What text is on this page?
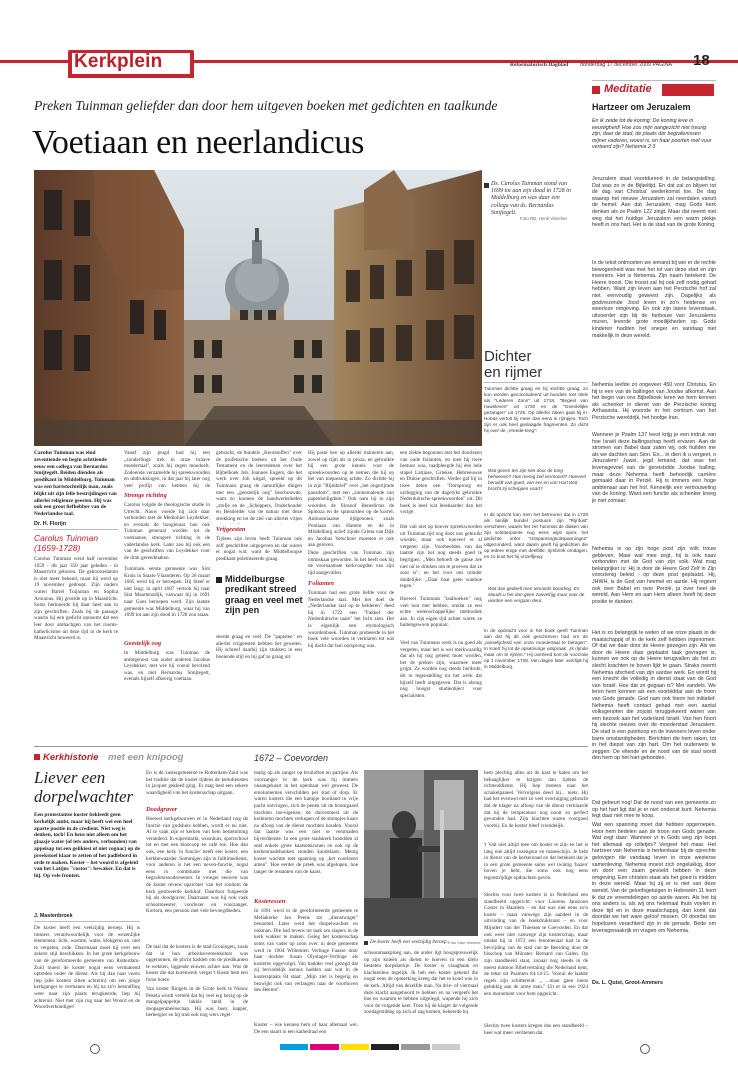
Kerkplein	Reformatorisch Dagblad donderdag 17 december 2009 PAGINA 18
Preken Tuinman geliefder dan door hem uitgeven boeken met gedichten en taalkunde
Voetiaan en neerlandicus
Ds. Carolus Tuinman stond van 1699 tot aan zijn dood in 1728 in Middelburg en was daar een collega van ds. Bernardus Smijtegelt.
Foto RD, Henk Visscher
Dichter
en rijmer
Tuinman dichtte graag en hij stichtte graag, zo kon worden geconcludeerd uit bundels met titels als "Lederen Zons" uit 1718, "Begeel van huweleven" uit 1720 en de "Geestelijke gezangen" uit 1725. Op allerlei zaken gaat hij in. Hobas vertolt hij meer dan eens in rijmpjes. Toch zijn er ook heel geslaagde fragmenten. Zo dicht hij over de „Vreede-teng":
Wat geven ten zijn niet door de tong behoeven? Hoe menig zeil vermoord? Hoeveel benoldt van goed, van eer en van Hart Wat bracht zij scheppen vaart?
In dit opzicht kan men het betreuren dat in 1729 als tuinlijk bundel postuum zijn "Rijnfust" verscheen, waarin het zet Tuinman de diaken van zijn schitterpointe nog eens wijst open; het gedichte order "Uitspanningsuitspanningen" uitgezonderd, want daarin geeft hij gedichten die op iedere enige met deeltitle: rijmbrink omdagen, en zo kust het hij onzelfjeug:
Wat dan gedeelt men iemands boording. En stouds u het dan geen zauvelrijg maar voor de vierden een vergaan deur.
In de opdracht voor in het boek geeft Tuinman aan dat hij dit ook geschreven had om de „ranselijcheid van onze moedertaal te betogen". In Koert hij tot de opsetvurige uitspraak: „Ik rijmde maar om te rijmen." Hij overleed kort de voorzote op 1 november 1728. Van dagen later overlijdt hij in Middelburg.
Carolus Tuinman was eind zeventiende en begin achttiende eeuw een collega van Bernardus Smijtegelt. Beiden dienden als predikant in Middelburg. Tuinman was een bartstochtelijk man, zoals blijkt uit zijn felle bestrijdingen van allerlei religieuze geesten. Hij was ook een groot liefhebber van de Nederlandse taal.
Dr. H. Florijn
Carolus Tuinman
(1659-1728)
Carolus Tuinman werd half november 1659 - dit jaar 350 jaar geleden - in Maastricht geboren. De geboortedatum is niet meer bekend, maar hij werd op 19 november gedoopt. Zijn ouders waren Bartel Tuijnman en Sophia Aronnius. Hij groeide op in Maastricht. Soms herinnerde hij daar later aan in zijn geschriften. Zoals bij de passage waarin hij een gedicht opnoemt dat een leer door ambachgen van het rooms-katholicisme uit deze tijd in de kerk te Maastricht beweerd is.
Vanaf zijn jeugd had hij een „zonderlinge trek in onze braave moedertaal", zoals hij zegen moedoelt. Zodoende verzamelde hij spreekwoorden en uitdrukkingen, in dat jaar hij later nog veel profijt van hebben bij de
Strenge richting
Carolus volgde de theologische studie in Utrecht. Nauw voelde hij zich daar verbonden met de Mediohier Leydekker, en evenals de hoogleraar ban ook Tuinman generaal worden tot de voetiaanse, strengere richting in de vaderlandse kerk. Later zou hij ook een van de geschriften van Leydekker voor de druk gereedmaken.
Tuinmans eerste gemeente was Sint Kruis in Staats-Vlaanderen. Op 28 maart 1685 werd hij er beroepen. Hij bleef er niet lang: in april 1687 vertrok hij naar Sint Maartensdijk, vanwaar hij in 1691 naar Goes beroepen werd. Zijn laatste gemeente was Middelburg, waar hij van 1699 tot aan zijn dood in 1728 zou staan.
Geestelijk oog
In Middelburg was Tuinman de ambtgenoot van onder anderen Jacobus Leydekker, met wie hij vooral bevriend was, en met Bernardus Smijtegelt, evenals hijzelf afkeerig voetiaan.
gebracht, de bundels „Keurstoffen" over de profetische boeken uit het Oude Testament en de leerredenen over het Bijbelboek Job. Joannes Eugers, die het werk over Job uitgaf, spreekt op dit Tuinmans graag de natuurlijke dingen met een „geestelijk oog" beschouwde, want zo kunnen de handwerkslieden „stofje en de „Scheppers, Onderhouder en Bestierder van de natuur met deze strekking en tot de ziel van allerlei vrijen
Vrijgeesten
Tijdens zijn leven heeft Tuinman ook zelf geschriften uitgegeven en dat waren er nogal wat, want de Middelburgse predikant polemiseerde graag.
Middelburgse predikant streed graag en veel met zijn pen
seerde graag en veel. De "papisten" en allerlei vrijgeesten hebben het geweten. Hij schreef daarbij zijn stukken in een boeiende stijl en hij gaf ze graag uit.
Hij paste hen op allerlei manieren aan, zowel op rijm als in proza, en gebruikte hij een grote kennis voor de spreekwoorden op te nemen die hij op het van toepassing achtte. Zo dichtte hij in zijn "Rijmbrief" over „het ongerijmde pausdom", met een „zonnemalende van papenheiligdom." Ook nam hij in zijn woorden de filosoof Benedictus de Spinoza en de spinozisten op de korrel. Antinomiaanse tijdgenoten zoals Pontiaan van Hattem en de in Middelburg actief zijnde Grieta van Dijk en Jacobus Verschoor moesten er ook aan geloven.
Deze geschriften van Tuinman zijn onmiskaar geworden. In het heeft ook hij de voornaamste kerkvoogden van zijn tijd aangevallen.
Folianten
Tuinman had een grote liefde voor de Nederlandse taal. Met het doel de „Nederlandse taal op te helderen" deed hij in 1722 een "Fakkel der Nederduitsche taale" het licht zien. Het is eigenlijk een etymologisch woordenboek. Tuinman probeerde in het boek vele woorden te verklaren tot wat hij dacht dat hun oorsprong was.
een ziekte begonnen met het doorlezen van oude folianten, en toen hij twee bestuur was, raadpleegde hij een hele stapel Latijnse, Griekse, Hebreeuwse en Duitse geschriften. Verder gaf hij in twee delen een "Oorsprong en uytlegging van de dagelyks gebruikte Nederduitsche spreekwoorden" uit. Dit boek is heel wat leesbaarder dan het vorige.
Het valt niet op hoever spreekwoorden uit Tuinman tijd nog door ons gebruikt worden, maar ook hoeveel er al vergeten zijn. Voorbeelden van dat laatste zijn het nog steeds goed te begrijpen: „Men behoeft de ganse zee niet uit te drinken om te proeven dat ze zout is"; en het voor ons minder duidelijke: „Daar baat geen wanhoe tegen."
Hoewel Tuinmans "taalboeken" nog veel hun met hebben, omdat ze een echte wetenschappelijke methodiek aan. In zijn eigen tijd achter waren ze buitengewoon populair.
Veel van Tuinmans werk is nu goed als vergeten, maar het is wel merkwaardig dat als hij nog geleest moet worden, het de preken zijn, waarmee meer grijpt. Ze worden nog steeds herdrukt, dit in tegenstelling tot het werk dat hijzelf heeft uitgegeven. Dat is alsnog nog hoogst studieobject voor specialisten.
Meditatie
Hartzeer om Jeruzalem
En ik zeide tot de koning: De koning leve in eeuwigheid! Hoe zou mijn aangezicht niet treurig zijn, daar de stad, de plaats der begrafenissen mijner vaderen, woest is, en haar poorten met vuur verteerd zijn? Nehemia 2:3
Jeruzalem staat voortdurend in de belangstelling. Dat was zo in de Bijbeltijd. En dat zal zo blijven tot de dag van Christus' wederkomst toe. De dag waarop het nieuwe Jeruzalem zal neerdalen vanuit de hemel. Aan dat Jeruzalem, mag Gods kerk denken als ze Psalm 122 zingt. Maar dat neemt niet weg dat het huidige Jeruzalem een warm plekje heeft in ons hart. Het is de stad van de grote Koning.
In de tekst ontmoeten we iemand bij wie er de rechte bewogenheid was met het lot van deze stad en zijn inwoners. Het is Nehemia. Zijn naam betekent: De Heere troost. Die troost zal hij ook zelf nodig gehad hebben. Want zijn leven aan het Perzische hof zal niet eenvoudig geweest zijn. Dagelijks als godvrezende Jood leven in zo'n heidense en weerloze omgeving. En ook zijn latere levenstaak, uitvoerder zijn bij de herbouw van Jeruzalems muren, leverde grote moeilijkheden op. Gods kinderen hadden het sneger en vandaag niet makkelijk in deze wereld.
Nehemia leefde zo ongeveer 450 voor Christus. En hij is een van de ballingen van Joodse afkomst. Aan het begin van ons Bijbelboek leren we hem kennen als schenker in dienst van de Perzische koning Arthasasta. Hij woonde in het centrum van het Perzische wereldrijk, het hoofge Iran.
Wanneer je Psalm 137 leest krijg je een indruk van hoe Israël deze ballingschap heeft ervaren. Aan de stromen van Babel daar zaten wij, ook huilden me als we dachten aan Sion. En... in dien ik u vergeet, o Jeruzalem! Juwel, jegd lemand, dat was het levensgevoel van de gereisbdde Joodse balling, maar deze Nehemia heeft behoorlijk carrière gemaakt daar in Perzië. Hij is immers een hoge ambtenaar aan het hof. Kennelijk een vertrouweling van de koning. Want een functie als schenker kreeg je niet zomaar.
Nehemia is op zijn hoge post zijn volk trouw gebleven. Maar wat mee zegt, hij is ook naav verbonden met de God van zijn volk. Wat mag belangrijker is: Hij is door de Heere God Zelf in Zijn voorzienig beleid - op deze post geplaatst. Hij, JHWH, is de God van heemel en aarde. Hij regeert ook over Babel en over Perzië, ja over heel de wereld. Aan Hem en aan Hem alleen heeft hij deze positie te danken.
Het is zo belangrijk te weten of we onze plaats in de maatschappij of in de kerk zelf hebben ingenomen. Of dat we daar door de Heere gezegen zijn. Als we door de Heere daar geplaatst taak gevragen is, kunnen we ook op de Heere terugvallen als het zo slecht krachten te boven lijkt te gaan. Straks neemt Nehemia afscheid van zijn aardse werk. En wordt hij een knecht die volledig in dienst staat van de God van Israël. Hoe dat zo gegaan is? Met vandels. We leren hem kennen als een voorbiddar aan de troon van Gods genade. God nam ook hierin het initiatief. Nehemia heeft contact gehad met een aantal volksgenoten die zojuist teruggekeerd waren van een bezoek aan het vaderland Israël. Van hen hoort hij slechte nieuws over de moederstad Jeruzalem. De stad is een puinhoop en de inwoners leven onder barre omstandigheden. Berichten die hem raken, tot in het diepst van zijn hart. Om het ouderwets te zeggen: De ellende en de nood van de stad wordt den hem op het hart gebonden.
Dat gebeurt nog! Dat de nood van een gemeente zo op het hart ligt dat je er niet onderuit kunt. Nehemia legt daar niet mee te koop.
Wat een spanning moet dat hebben opgeroepen. Hoor hem bedelen aan de troon van Gods genade. Wat zegt daar: Wanneer vr in Gods weg zijn loopt het allemaal op rolletjes? Vergeet het maar. Het hartzeer van Nehemia is herkenbaar bij de oprechte gelovigen die vandaag leven in onze westerse samenleving. Nehemia moest zich ongelukkig, door en door een zaam gevoeld hebben in deze omgeving. Een christen staat als het goed is midden in deze wereld. Maar hij zij er is niet van deze wereld. Van de geloofsgetuigen in Hebreeën 11 leert ik dat ze vreemdelingen op aarde waren. Als het bij ons anders is, als wij ons helemaal thuis voelen in deze tijd en in deze maatschappij, dan komt dat doordat we het ware geloof missen. Of doordat we hopelozen verachterd zijn in de genade. Bede om levensgenaakrijk en vragen om Nehemia.
Ds. L. Quist, Groot-Ammers
Kerkhistorie met een knipoog	1672 – Coevorden
Liever een dorpelwachter
Een protestantse koster bekleedt geen kerkelijk ambt, maar hij heeft wel een heel aparte positie in de credient. Niet weg is denken, toch! En heus niet alleen om het glaasje water (of iets anders, verbonden) van appelsap tot een gelikiest of niet cognac) op de preekstoel klaar te zetten of het padlebord in orde te maken. Koster – het woord is afgeleid van het Latijns "custos": bewaker. En dat is hij. Op vele fronten.
J. Mastenbroek
De koster heeft een veelzijdig beroep. Hij is immers verantwoordelijk voor de wezenlijke elementen: licht, warmte, water, klokgelui en, niet te vergeten, orde. Daarmaast moet hij over een zekere stijl beschikken. In het grote kerkgebouw van de gereformeerde gemeente van Rotterdam-Zuid moest de koster nogal eens vermanend optreden onder de dienst. Als hij dan naar voren liep (alle kosters zitten achterin) om een jonge kerkganger te vermanen en hij na zo'n bestraffing weer naar zijn plaats terugkeerde, liep hij achteruit. Niet met zijn rug naar het Woord en de Woordverkondiger!
En is de zustergemeente te Rotterdam-Zuid was het traditie dat de koster tijdens de kerkdiensten in jacquet gekleed ging. Er mag best een zekere waardigheid van het kostersschap uitgaan.
Doodgraver
Hoewel kerkgebouwen er in Nederland nog de functie van godshuis hebben, wordt er nu niet. Al te vaak zijn er kerken van hem bestemming veranderd. In supermarkt, woonhuis, sportschool tot en met een bioscoop en café toe. Hoe dan ook, een kerk 'in functie' heeft een koster, een kerkbewaarder. Sommigen zijn in fulltimedienst, voor anderen is het een neven-functie, nogal eens in combinatie met die van begrafenisondernemer. In vroeger eeuwen was de koster tevens opzichter van het rondom de kerk gesitueerde kerkhof. Daardoor fungeerde hij als doodgraver. Daarnaast was hij ook vaak schoolmeester, voorlezer en voorzanger. Kortom, een persoon met vele bevoegdheden.
De taal dat de kosters is de stad Groningen, zoals dat in hun arbeidsovereenkomst was opgenomen, de plicht hadden om de predikanten te wekken, liggende eiuwen achter aan. Was de koster die dat kurenwerk vergat 't Koste hem een forse boete.
Van koster Ringels in de Grote kerk te Nieuw Pekela wordt verteld dat hij veel erg bezig op de mangelpappeltje lakkle 'steld in de doopsgenmeenschap. Hij was boer, kapper, herbergier en hij trad ook nog wers regel-
matig op als zanger op bruiloften en partijen. Als voorzanger in de kerk was hij immers onaangekaart in het openbaar wel geweest. De emolumenten verschilden per stad of dorp. Er waren kosters die een kampje hooiland in vrije pacht ontvingen, zich de penen uit de boomgaard mochten toe-eigenen, de duivenmest uit de kerktoren mochten verkopen of de stompjes kaars na afloop van de dienst mochten houden. Vooral dat laatste was een niet te versmaden bijverdienste. In een grote stadskerk brandden al snel enkele grote kaarsenkronen en ook op de kerkenraadsbanken stonden kandelaars. Menig koster wachtte met spanning op „het voorlezen amen". Hoe eerder de preek was afgelopen, hoe langer de restanten van de kaars.
Kosteressen
In 1891 werd in de gereformeerde gemeente te Mellakerke Jan Peene tot „dienstwager" benoemd. Later werd het dorpelwachter en ookman. Die had tevens tot taak om slapers in de kerk wakker te maken. Geleg het kostersschap soms van vader op zoon over. in deze gemeente werd in 1904 Willemien Verlinge Faasse door haar dochter Susan Olyslager-Verlinge als kosteres opgevolgd. Van hadden veel gezegd dat zij bevindelijk kennis hadden aan wat in de kostersplaats 84 staat: „Mijn ziel is begerig en bezwijkt ook van verlangen naar de voorhoven des Heeren".
Koster – wie kennen hem of haar allemaal wel. De een staart in een kathedraal een
De koster heeft een veelzijdig beroep. Foto Sam Harmes
schoonmaakploeg aan, de ander ligt hoogspreuwelijk op zijn knieën als dienst te hoeven in een klein besteten dorpskerkje. De koster is vraagbaak en klachtenbus tegelijk. Ik heb een koster gekend die nogal eens de opmerking kreeg dat het te koud was in de kerk. Altijd van dezelfde man. Na drie- of viermaal deze klacht aangehoord te hebben en na vergeefs het hoe en waarom te hebben uitgelegd, wapende hij zich voor de volgende keer. Toen hij de klager de volgende zondagmiddag op zich af zag komen, bekeerde hij
hem plechtig alles uit de kast te halen om het behaaglijker te krijgen dan tijdens de ochtenddienst. Hij liep meteen naar het schakelpaneel. Vervolgens deed hij... niets. Hij had het evenwel met zo veel overtuiging gebracht dat de klager na afloop van de dienst verklaarde dat hij de temperatuur nog nooit zo perfect gevonden had. Zijn klachten waren voorgoed voorbij. En de koster bleef vriendelijk.
't Valt niet altijd mee om koster te zijn en het is lang niet altijd rozengeur en maneschijn. Je hebt in dienst van de kerkenraad en dat betekent dat je in een grote gemeente soms wel twintig 'bazen' boven je hebt, die soms ook nog eens tegenstrijdige opdrachten geven.
Slechts voor twee kosters is in Nederland een standbeeld opgericht: voor Laurens Janszoon Coster in Haarlem – en dat was niet eens zo'n koster – maar vanwege zijn aandeel in de uitvinding van de boekdrukkunst – en voor Mijndert van der Thiessen te Coevorden. En dat ook weer niet vanwege zijn kosterschap, maar omdat hij in 1672 een fenomenaal had in de bevrijding van de stad van de Beerding door de bisschop van Münster. Bernard van Galen. Op zijn standbeeld staat, zonaar nog steeds in de meest nuttoon Bibelvertaling die Nederland kent, de tekst uit Psalmen 84:14-15. Vooral de laatste regels zijn schitterend: „ ...maar gaen mens gelukkig aan de arme man." Uit er in een 1924 een monument voor hem opgericht.
Slechts twee kosters kregen dus een standbeeld – heel wat meer verdienen dat.
